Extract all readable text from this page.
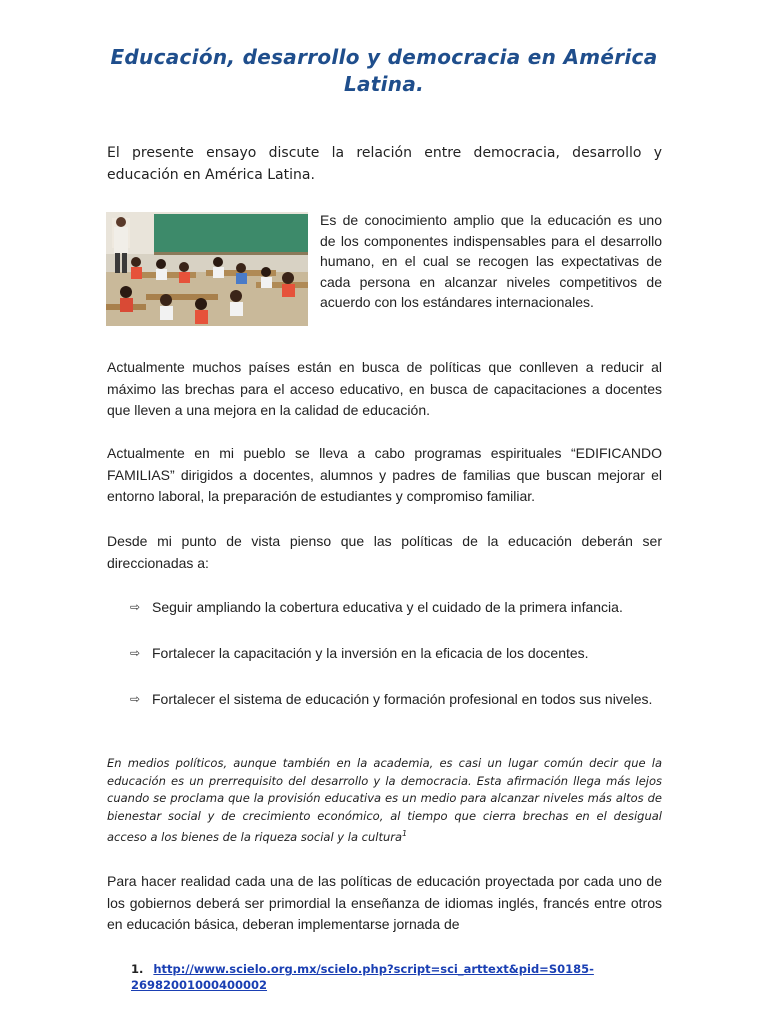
Educación, desarrollo y democracia en América Latina.
El presente ensayo discute la relación entre democracia, desarrollo y educación en América Latina.
Es de conocimiento amplio que la educación es uno de los componentes indispensables para el desarrollo humano, en el cual se recogen las expectativas de cada persona en alcanzar niveles competitivos de acuerdo con los estándares internacionales.
Actualmente muchos países están en busca de políticas que conlleven a reducir al máximo las brechas para el acceso educativo, en busca de capacitaciones a docentes que lleven a una mejora en la calidad de educación.
Actualmente en mi pueblo se lleva a cabo programas espirituales “EDIFICANDO FAMILIAS” dirigidos a docentes, alumnos y padres de familias que buscan mejorar el entorno laboral, la preparación de estudiantes y compromiso familiar.
Desde mi punto de vista pienso que las políticas de la educación deberán ser direccionadas a:
⇨ Seguir ampliando la cobertura educativa y el cuidado de la primera infancia.
⇨ Fortalecer la capacitación y la inversión en la eficacia de los docentes.
⇨ Fortalecer el sistema de educación y formación profesional en todos sus niveles.
En medios políticos, aunque también en la academia, es casi un lugar común decir que la educación es un prerrequisito del desarrollo y la democracia. Esta afirmación llega más lejos cuando se proclama que la provisión educativa es un medio para alcanzar niveles más altos de bienestar social y de crecimiento económico, al tiempo que cierra brechas en el desigual acceso a los bienes de la riqueza social y la cultura$^1$
Para hacer realidad cada una de las políticas de educación proyectada por cada uno de los gobiernos deberá ser primordial la enseñanza de idiomas inglés, francés entre otros en educación básica, deberan implementarse jornada de
1. http://www.scielo.org.mx/scielo.php?script=sci_arttext&pid=S0185-26982001000400002
